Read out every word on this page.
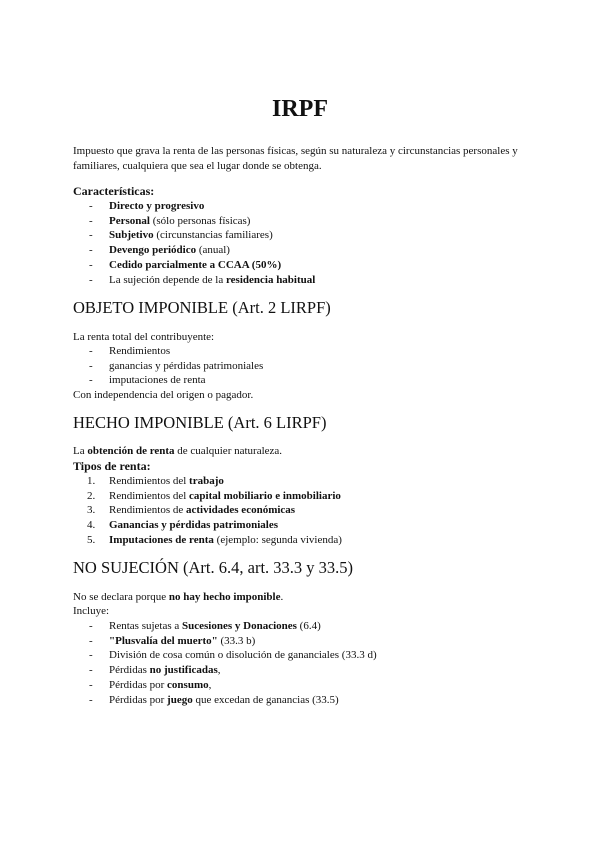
IRPF

Impuesto que grava la renta de las personas físicas, según su naturaleza y circunstancias personales y familiares, cualquiera que sea el lugar donde se obtenga.

Características:

- Directo y progresivo
- Personal (sólo personas físicas)
- Subjetivo (circunstancias familiares)
- Devengo periódico (anual)
- Cedido parcialmente a CCAA (50%)
- La sujeción depende de la residencia habitual
OBJETO IMPONIBLE (Art. 2 LIRPF)

La renta total del contribuyente:

- Rendimientos
- ganancias y pérdidas patrimoniales
- imputaciones de renta

Con independencia del origen o pagador.

HECHO IMPONIBLE (Art. 6 LIRPF)

La obtención de renta de cualquier naturaleza.

Tipos de renta:

1. Rendimientos del trabajo
2. Rendimientos del capital mobiliario e inmobiliario
3. Rendimientos de actividades económicas
4. Ganancias y pérdidas patrimoniales
5. Imputaciones de renta (ejemplo: segunda vivienda)
NO SUJECIÓN (Art. 6.4, art. 33.3 y 33.5)

No se declara porque no hay hecho imponible.

Incluye:

- Rentas sujetas a Sucesiones y Donaciones (6.4)
- "Plusvalía del muerto" (33.3 b)
- División de cosa común o disolución de gananciales (33.3 d)
- Pérdidas no justificadas,
- Pérdidas por consumo,
- Pérdidas por juego que excedan de ganancias (33.5)
